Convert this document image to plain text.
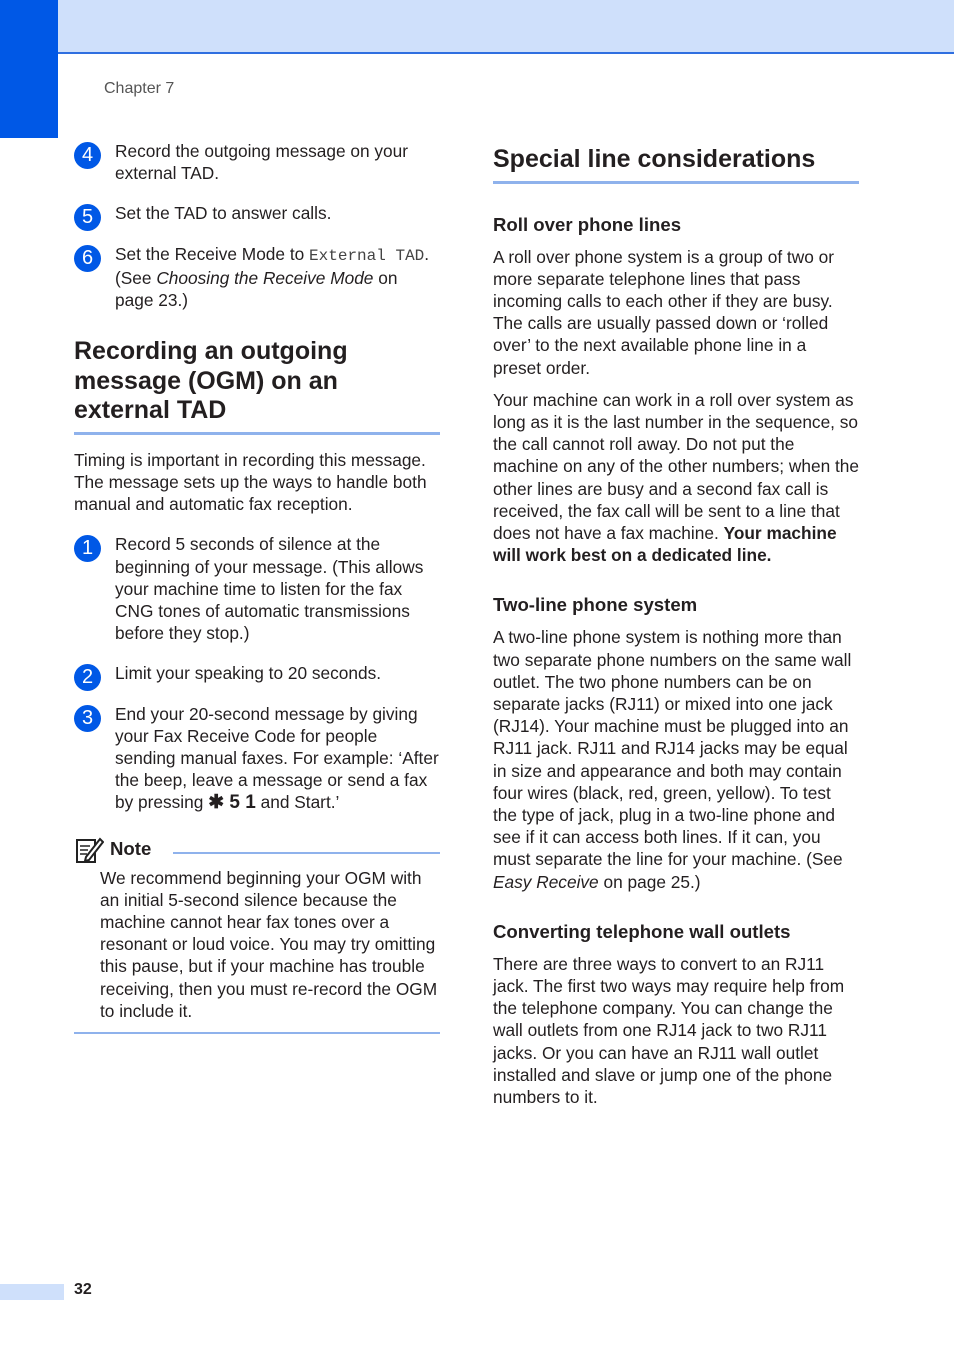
Chapter 7
4	Record the outgoing message on your external TAD.

5	Set the TAD to answer calls.

6	Set the Receive Mode to External TAD. (See Choosing the Receive Mode on page 23.)

Recording an outgoing message (OGM) on an external TAD

Timing is important in recording this message. The message sets up the ways to handle both manual and automatic fax reception.

1	Record 5 seconds of silence at the beginning of your message. (This allows your machine time to listen for the fax CNG tones of automatic transmissions before they stop.)

2	Limit your speaking to 20 seconds.

3	End your 20-second message by giving your Fax Receive Code for people sending manual faxes. For example: ‘After the beep, leave a message or send a fax by pressing ✱ 5 1 and Start.’

Note

We recommend beginning your OGM with an initial 5-second silence because the machine cannot hear fax tones over a resonant or loud voice. You may try omitting this pause, but if your machine has trouble receiving, then you must re-record the OGM to include it.

Special line considerations
Roll over phone lines

A roll over phone system is a group of two or more separate telephone lines that pass incoming calls to each other if they are busy. The calls are usually passed down or ‘rolled over’ to the next available phone line in a preset order.

Your machine can work in a roll over system as long as it is the last number in the sequence, so the call cannot roll away. Do not put the machine on any of the other numbers; when the other lines are busy and a second fax call is received, the fax call will be sent to a line that does not have a fax machine. Your machine will work best on a dedicated line.

Two-line phone system

A two-line phone system is nothing more than two separate phone numbers on the same wall outlet. The two phone numbers can be on separate jacks (RJ11) or mixed into one jack (RJ14). Your machine must be plugged into an RJ11 jack. RJ11 and RJ14 jacks may be equal in size and appearance and both may contain four wires (black, red, green, yellow). To test the type of jack, plug in a two-line phone and see if it can access both lines. If it can, you must separate the line for your machine. (See Easy Receive on page 25.)

Converting telephone wall outlets

There are three ways to convert to an RJ11 jack. The first two ways may require help from the telephone company. You can change the wall outlets from one RJ14 jack to two RJ11 jacks. Or you can have an RJ11 wall outlet installed and slave or jump one of the phone numbers to it.

32
